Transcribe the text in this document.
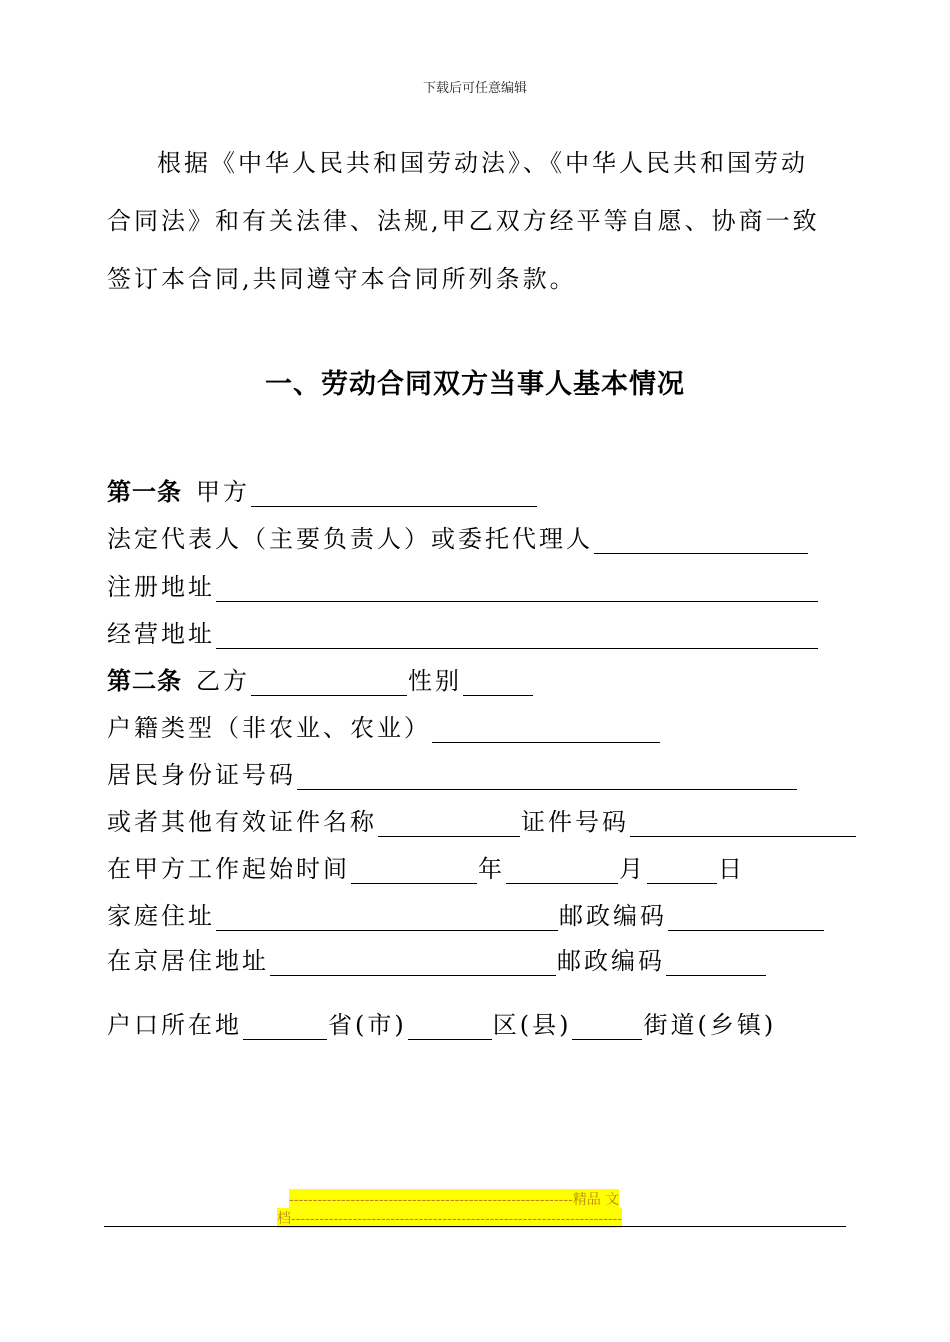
下载后可任意编辑
根据《中华人民共和国劳动法》、《中华人民共和国劳动
合同法》和有关法律、法规,甲乙双方经平等自愿、协商一致
签订本合同,共同遵守本合同所列条款。
一、劳动合同双方当事人基本情况
第一条 甲方
法定代表人（主要负责人）或委托代理人
注册地址
经营地址
第二条 乙方	性别
户籍类型（非农业、农业）
居民身份证号码
或者其他有效证件名称	证件号码
在甲方工作起始时间	年	月	日
家庭住址	邮政编码
在京居住地址	邮政编码
户口所在地	省(市)	区(县)	街道(乡镇)
------------------------------------------------------------精品 文
档----------------------------------------------------------------------
